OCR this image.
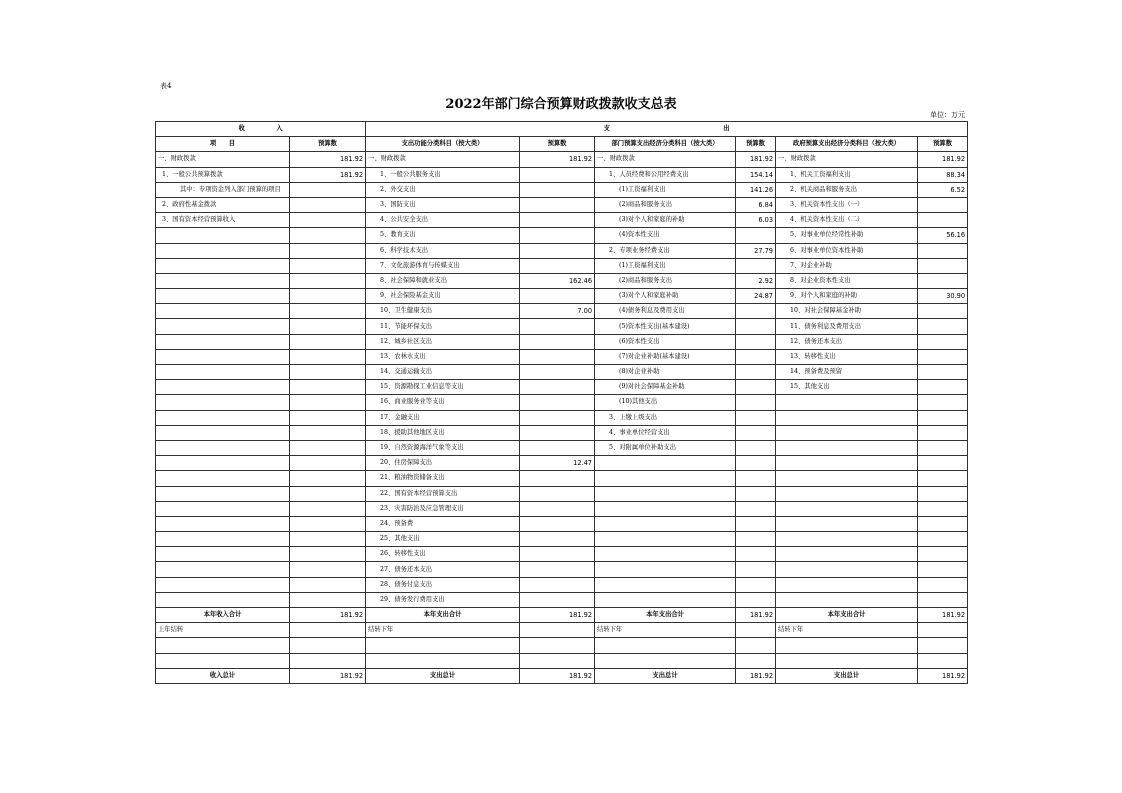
表4
2022年部门综合预算财政拨款收支总表
单位：万元
收　　　　　入		支　　　　　　　　　　　　　　　　　　出					
项　　目	预算数	支出功能分类科目（按大类）	预算数	部门预算支出经济分类科目（按大类）	预算数	政府预算支出经济分类科目（按大类）	预算数
一、财政拨款	181.92	一、财政拨款	181.92	一、财政拨款	181.92	一、财政拨款	181.92
1、一般公共预算拨款	181.92	1、一般公共服务支出		1、人员经费和公用经费支出	154.14	1、机关工资福利支出	88.34
其中：专项资金列入部门预算的项目		2、外交支出		(1)工资福利支出	141.26	2、机关商品和服务支出	6.52
2、政府性基金拨款		3、国防支出		(2)商品和服务支出	6.84	3、机关资本性支出（一）	
3、国有资本经营预算收入		4、公共安全支出		(3)对个人和家庭的补助	6.03	4、机关资本性支出（二）	
		5、教育支出		(4)资本性支出		5、对事业单位经常性补助	56.16
		6、科学技术支出		2、专项业务经费支出	27.79	6、对事业单位资本性补助	
		7、文化旅游体育与传媒支出		(1)工资福利支出		7、对企业补助	
		8、社会保障和就业支出	162.46	(2)商品和服务支出	2.92	8、对企业资本性支出	
		9、社会保险基金支出		(3)对个人和家庭补助	24.87	9、对个人和家庭的补助	30.90
		10、卫生健康支出	7.00	(4)债务利息及费用支出		10、对社会保障基金补助	
		11、节能环保支出		(5)资本性支出(基本建设)		11、债务利息及费用支出	
		12、城乡社区支出		(6)资本性支出		12、债务还本支出	
		13、农林水支出		(7)对企业补助(基本建设)		13、转移性支出	
		14、交通运输支出		(8)对企业补助		14、预备费及预留	
		15、资源勘探工业信息等支出		(9)对社会保障基金补助		15、其他支出	
		16、商业服务业等支出		(10)其他支出			
		17、金融支出		3、上缴上级支出			
		18、援助其他地区支出		4、事业单位经营支出			
		19、自然资源海洋气象等支出		5、对附属单位补助支出			
		20、住房保障支出	12.47				
		21、粮油物资储备支出					
		22、国有资本经营预算支出					
		23、灾害防治及应急管理支出					
		24、预备费					
		25、其他支出					
		26、转移性支出					
		27、债务还本支出					
		28、债务付息支出					
		29、债务发行费用支出					
本年收入合计	181.92	本年支出合计	181.92	本年支出合计	181.92	本年支出合计	181.92
上年结转		结转下年		结转下年		结转下年	

收入总计	181.92	支出总计	181.92	支出总计	181.92	支出总计	181.92
